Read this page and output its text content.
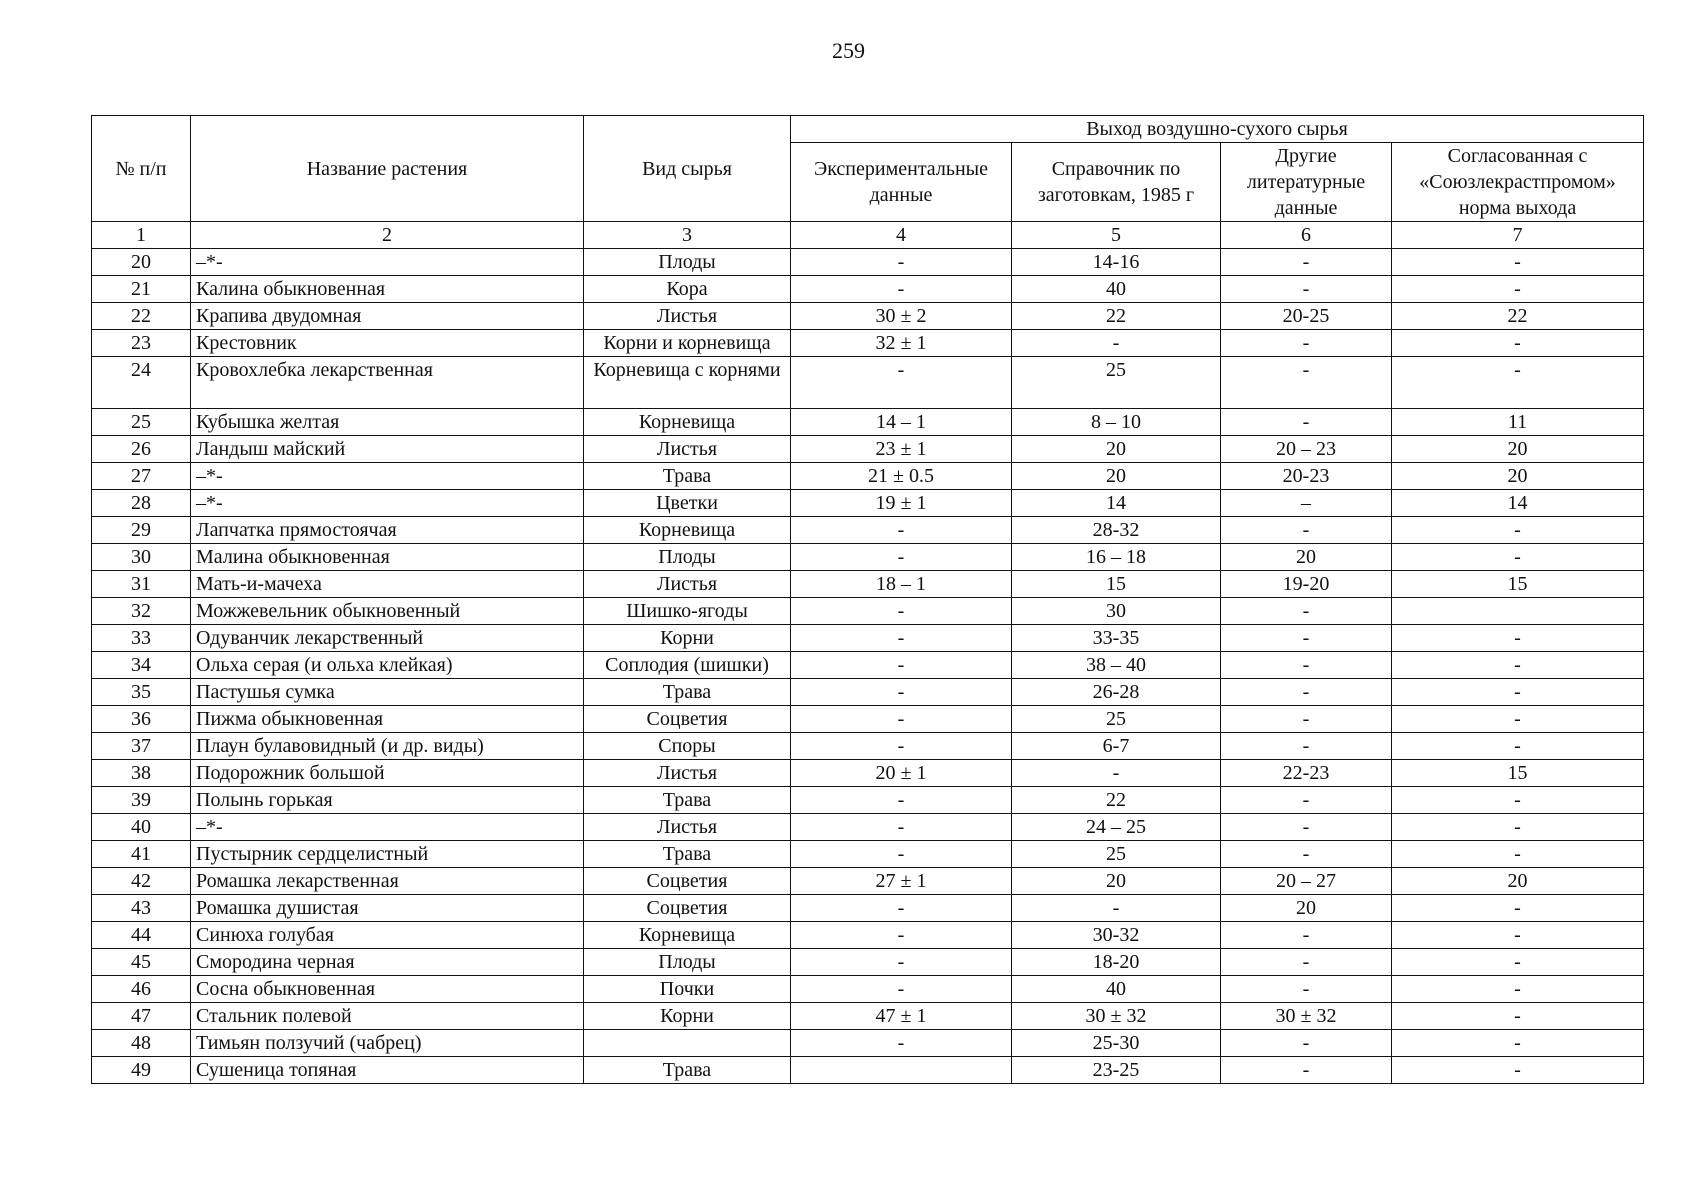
259
№ п/п	Название растения	Вид сырья	Выход воздушно-сухого сырья			
			Экспериментальные данные	Справочник по заготовкам, 1985 г	Другие литературные данные	Согласованная с «Союзлекрастпромом» норма выхода
1	2	3	4	5	6	7
20	–*-	Плоды	-	14-16	-	-
21	Калина обыкновенная	Кора	-	40	-	-
22	Крапива двудомная	Листья	30 ± 2	22	20-25	22
23	Крестовник	Корни и корневища	32 ± 1	-	-	-
24	Кровохлебка лекарственная	Корневища с корнями	-	25	-	-
25	Кубышка желтая	Корневища	14 – 1	8 – 10	-	11
26	Ландыш майский	Листья	23 ± 1	20	20 – 23	20
27	–*-	Трава	21 ± 0.5	20	20-23	20
28	–*-	Цветки	19 ± 1	14	–	14
29	Лапчатка прямостоячая	Корневища	-	28-32	-	-
30	Малина обыкновенная	Плоды	-	16 – 18	20	-
31	Мать-и-мачеха	Листья	18 – 1	15	19-20	15
32	Можжевельник обыкновенный	Шишко-ягоды	-	30	-	
33	Одуванчик лекарственный	Корни	-	33-35	-	-
34	Ольха серая (и ольха клейкая)	Соплодия (шишки)	-	38 – 40	-	-
35	Пастушья сумка	Трава	-	26-28	-	-
36	Пижма обыкновенная	Соцветия	-	25	-	-
37	Плаун булавовидный (и др. виды)	Споры	-	6-7	-	-
38	Подорожник большой	Листья	20 ± 1	-	22-23	15
39	Полынь горькая	Трава	-	22	-	-
40	–*-	Листья	-	24 – 25	-	-
41	Пустырник сердцелистный	Трава	-	25	-	-
42	Ромашка лекарственная	Соцветия	27 ± 1	20	20 – 27	20
43	Ромашка душистая	Соцветия	-	-	20	-
44	Синюха голубая	Корневища	-	30-32	-	-
45	Смородина черная	Плоды	-	18-20	-	-
46	Сосна обыкновенная	Почки	-	40	-	-
47	Стальник полевой	Корни	47 ± 1	30 ± 32	30 ± 32	-
48	Тимьян ползучий (чабрец)		-	25-30	-	-
49	Сушеница топяная	Трава		23-25	-	-
